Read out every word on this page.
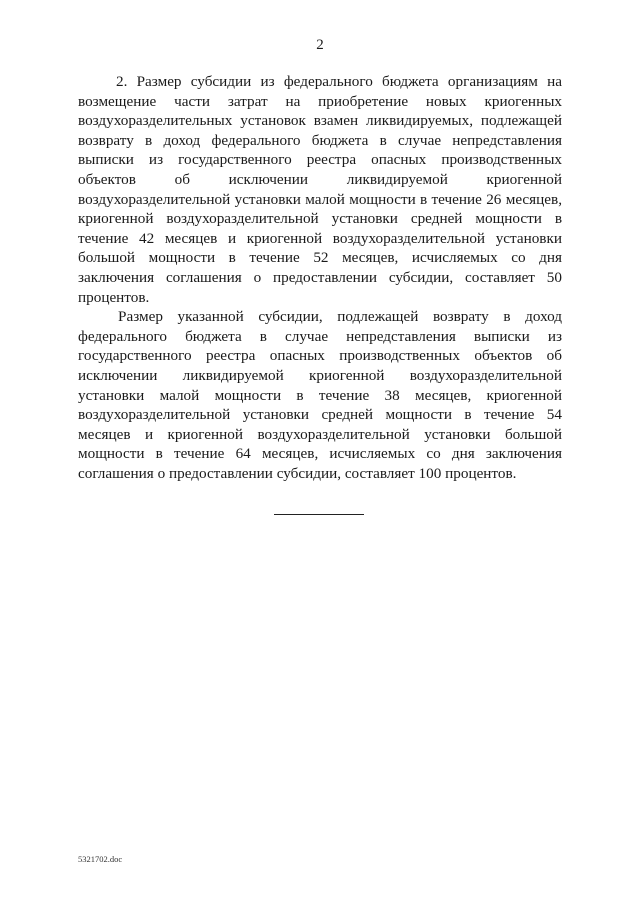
2

2. Размер субсидии из федерального бюджета организациям на возмещение части затрат на приобретение новых криогенных воздухоразделительных установок взамен ликвидируемых, подлежащей возврату в доход федерального бюджета в случае непредставления выписки из государственного реестра опасных производственных объектов об исключении ликвидируемой криогенной воздухоразделительной установки малой мощности в течение 26 месяцев, криогенной воздухоразделительной установки средней мощности в течение 42 месяцев и криогенной воздухоразделительной установки большой мощности в течение 52 месяцев, исчисляемых со дня заключения соглашения о предоставлении субсидии, составляет 50 процентов.

Размер указанной субсидии, подлежащей возврату в доход федерального бюджета в случае непредставления выписки из государственного реестра опасных производственных объектов об исключении ликвидируемой криогенной воздухоразделительной установки малой мощности в течение 38 месяцев, криогенной воздухоразделительной установки средней мощности в течение 54 месяцев и криогенной воздухоразделительной установки большой мощности в течение 64 месяцев, исчисляемых со дня заключения соглашения о предоставлении субсидии, составляет 100 процентов.

5321702.doc
